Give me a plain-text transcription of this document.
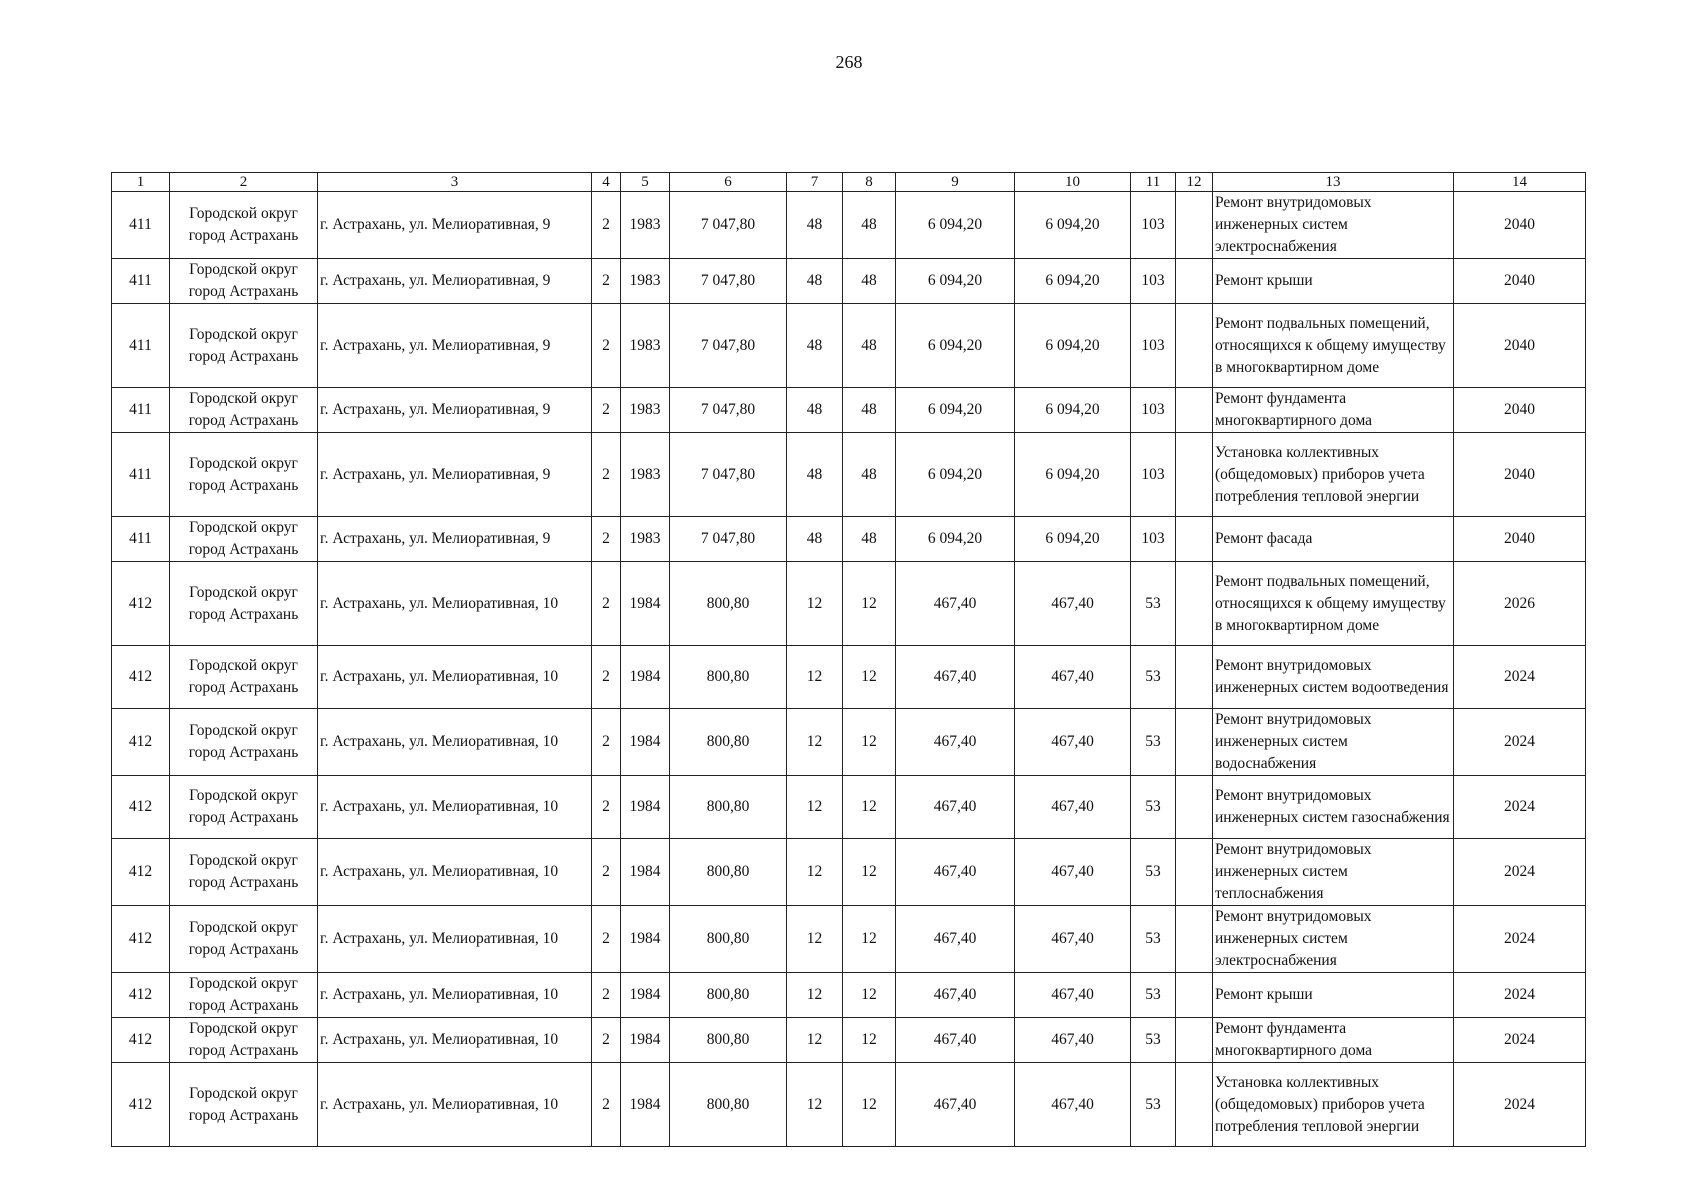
268
1	2	3	4	5	6	7	8	9	10	11	12	13	14
411	Городской округ город Астрахань	г. Астрахань, ул. Мелиоративная, 9	2	1983	7 047,80	48	48	6 094,20	6 094,20	103		Ремонт внутридомовых инженерных систем электроснабжения	2040
411	Городской округ город Астрахань	г. Астрахань, ул. Мелиоративная, 9	2	1983	7 047,80	48	48	6 094,20	6 094,20	103		Ремонт крыши	2040
411	Городской округ город Астрахань	г. Астрахань, ул. Мелиоративная, 9	2	1983	7 047,80	48	48	6 094,20	6 094,20	103		Ремонт подвальных помещений, относящихся к общему имуществу в многоквартирном доме	2040
411	Городской округ город Астрахань	г. Астрахань, ул. Мелиоративная, 9	2	1983	7 047,80	48	48	6 094,20	6 094,20	103		Ремонт фундамента многоквартирного дома	2040
411	Городской округ город Астрахань	г. Астрахань, ул. Мелиоративная, 9	2	1983	7 047,80	48	48	6 094,20	6 094,20	103		Установка коллективных (общедомовых) приборов учета потребления тепловой энергии	2040
411	Городской округ город Астрахань	г. Астрахань, ул. Мелиоративная, 9	2	1983	7 047,80	48	48	6 094,20	6 094,20	103		Ремонт фасада	2040
412	Городской округ город Астрахань	г. Астрахань, ул. Мелиоративная, 10	2	1984	800,80	12	12	467,40	467,40	53		Ремонт подвальных помещений, относящихся к общему имуществу в многоквартирном доме	2026
412	Городской округ город Астрахань	г. Астрахань, ул. Мелиоративная, 10	2	1984	800,80	12	12	467,40	467,40	53		Ремонт внутридомовых инженерных систем водоотведения	2024
412	Городской округ город Астрахань	г. Астрахань, ул. Мелиоративная, 10	2	1984	800,80	12	12	467,40	467,40	53		Ремонт внутридомовых инженерных систем водоснабжения	2024
412	Городской округ город Астрахань	г. Астрахань, ул. Мелиоративная, 10	2	1984	800,80	12	12	467,40	467,40	53		Ремонт внутридомовых инженерных систем газоснабжения	2024
412	Городской округ город Астрахань	г. Астрахань, ул. Мелиоративная, 10	2	1984	800,80	12	12	467,40	467,40	53		Ремонт внутридомовых инженерных систем теплоснабжения	2024
412	Городской округ город Астрахань	г. Астрахань, ул. Мелиоративная, 10	2	1984	800,80	12	12	467,40	467,40	53		Ремонт внутридомовых инженерных систем электроснабжения	2024
412	Городской округ город Астрахань	г. Астрахань, ул. Мелиоративная, 10	2	1984	800,80	12	12	467,40	467,40	53		Ремонт крыши	2024
412	Городской округ город Астрахань	г. Астрахань, ул. Мелиоративная, 10	2	1984	800,80	12	12	467,40	467,40	53		Ремонт фундамента многоквартирного дома	2024
412	Городской округ город Астрахань	г. Астрахань, ул. Мелиоративная, 10	2	1984	800,80	12	12	467,40	467,40	53		Установка коллективных (общедомовых) приборов учета потребления тепловой энергии	2024
